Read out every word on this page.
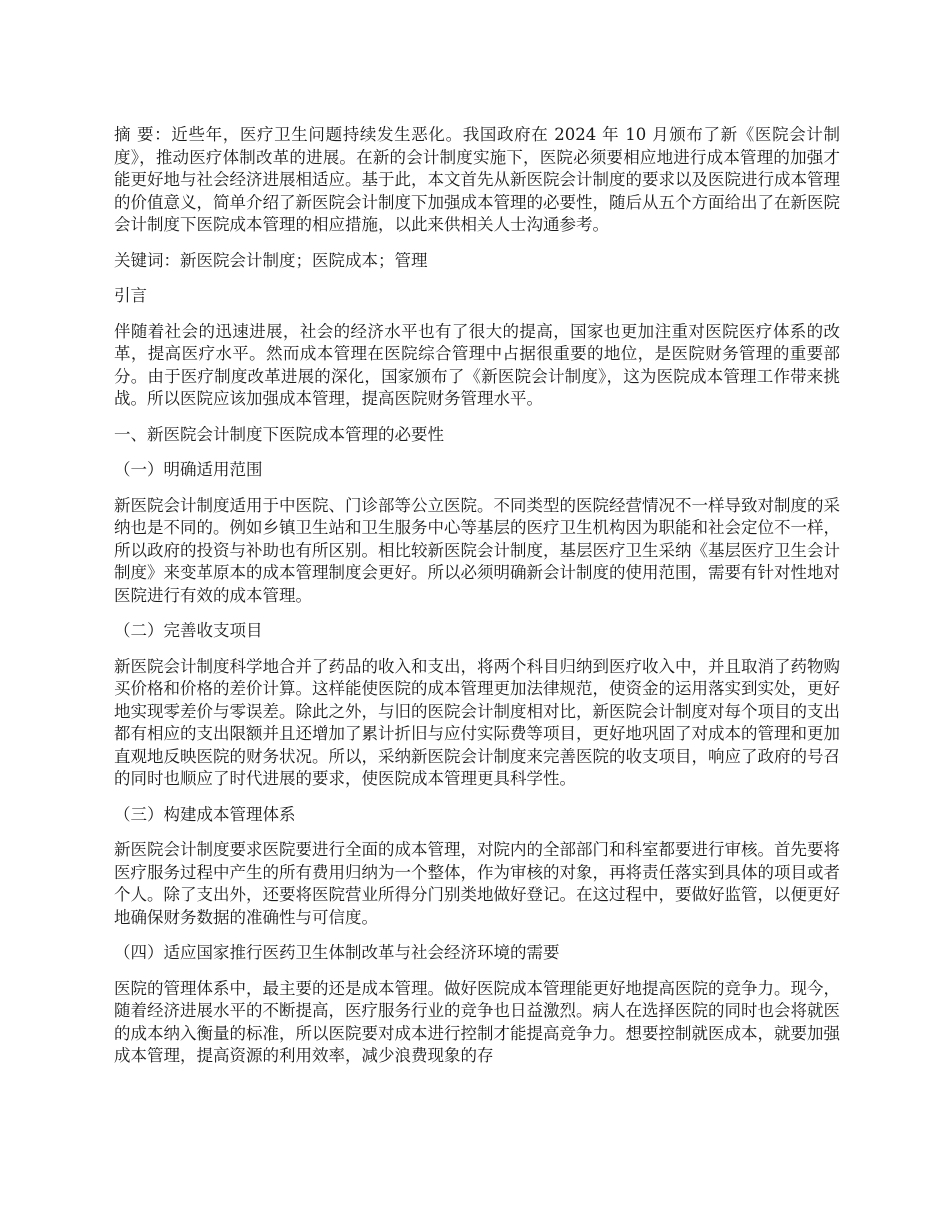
摘 要：近些年，医疗卫生问题持续发生恶化。我国政府在 2024 年 10 月颁布了新《医院会计制度》，推动医疗体制改革的进展。在新的会计制度实施下，医院必须要相应地进行成本管理的加强才能更好地与社会经济进展相适应。基于此，本文首先从新医院会计制度的要求以及医院进行成本管理的价值意义，简单介绍了新医院会计制度下加强成本管理的必要性，随后从五个方面给出了在新医院会计制度下医院成本管理的相应措施，以此来供相关人士沟通参考。

关键词：新医院会计制度；医院成本；管理

引言

伴随着社会的迅速进展，社会的经济水平也有了很大的提高，国家也更加注重对医院医疗体系的改革，提高医疗水平。然而成本管理在医院综合管理中占据很重要的地位，是医院财务管理的重要部分。由于医疗制度改革进展的深化，国家颁布了《新医院会计制度》，这为医院成本管理工作带来挑战。所以医院应该加强成本管理，提高医院财务管理水平。

一、新医院会计制度下医院成本管理的必要性

（一）明确适用范围

新医院会计制度适用于中医院、门诊部等公立医院。不同类型的医院经营情况不一样导致对制度的采纳也是不同的。例如乡镇卫生站和卫生服务中心等基层的医疗卫生机构因为职能和社会定位不一样，所以政府的投资与补助也有所区别。相比较新医院会计制度，基层医疗卫生采纳《基层医疗卫生会计制度》来变革原本的成本管理制度会更好。所以必须明确新会计制度的使用范围，需要有针对性地对医院进行有效的成本管理。

（二）完善收支项目

新医院会计制度科学地合并了药品的收入和支出，将两个科目归纳到医疗收入中，并且取消了药物购买价格和价格的差价计算。这样能使医院的成本管理更加法律规范，使资金的运用落实到实处，更好地实现零差价与零误差。除此之外，与旧的医院会计制度相对比，新医院会计制度对每个项目的支出都有相应的支出限额并且还增加了累计折旧与应付实际费等项目，更好地巩固了对成本的管理和更加直观地反映医院的财务状况。所以，采纳新医院会计制度来完善医院的收支项目，响应了政府的号召的同时也顺应了时代进展的要求，使医院成本管理更具科学性。

（三）构建成本管理体系

新医院会计制度要求医院要进行全面的成本管理，对院内的全部部门和科室都要进行审核。首先要将医疗服务过程中产生的所有费用归纳为一个整体，作为审核的对象，再将责任落实到具体的项目或者个人。除了支出外，还要将医院营业所得分门别类地做好登记。在这过程中，要做好监管，以便更好地确保财务数据的准确性与可信度。

（四）适应国家推行医药卫生体制改革与社会经济环境的需要

医院的管理体系中，最主要的还是成本管理。做好医院成本管理能更好地提高医院的竞争力。现今，随着经济进展水平的不断提高，医疗服务行业的竞争也日益激烈。病人在选择医院的同时也会将就医的成本纳入衡量的标准，所以医院要对成本进行控制才能提高竞争力。想要控制就医成本，就要加强成本管理，提高资源的利用效率，减少浪费现象的存
